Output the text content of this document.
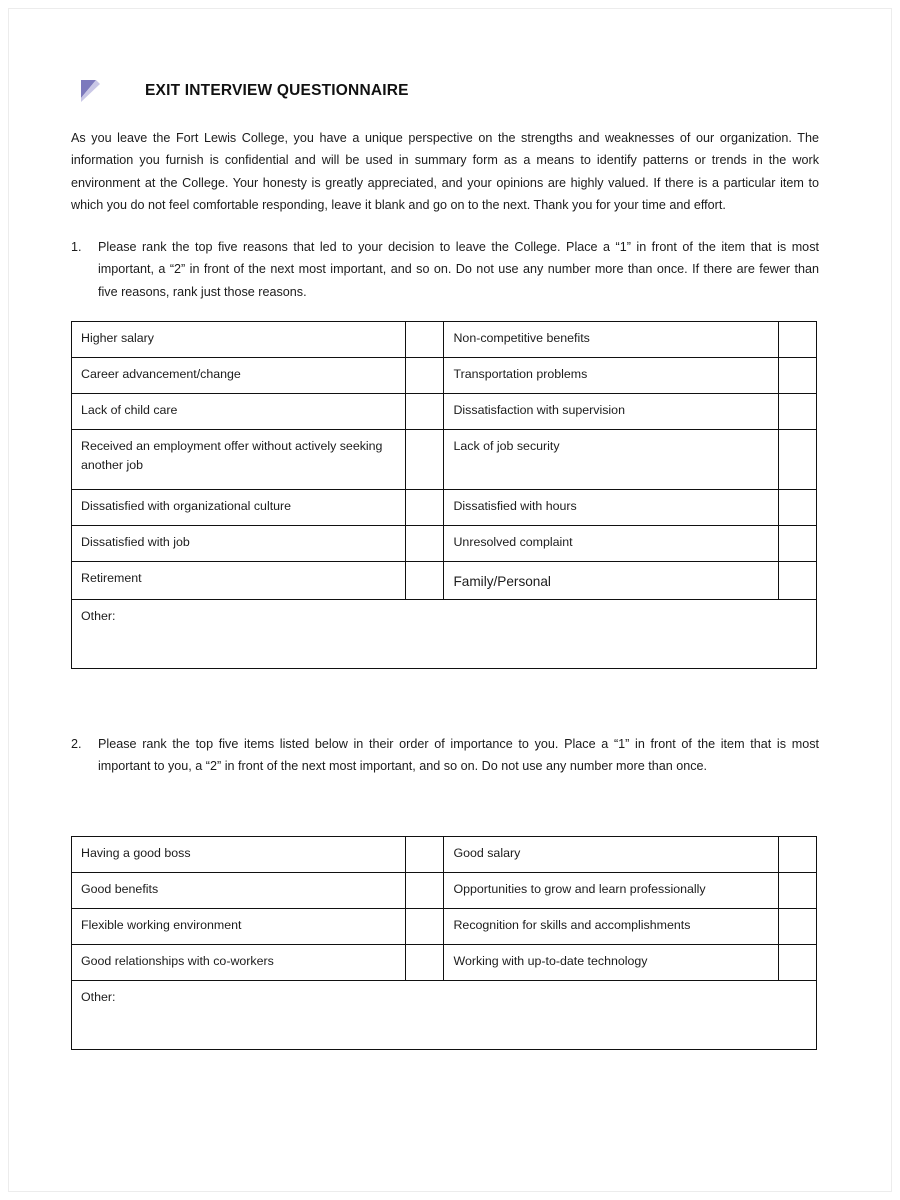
EXIT INTERVIEW QUESTIONNAIRE

As you leave the Fort Lewis College, you have a unique perspective on the strengths and weaknesses of our organization. The information you furnish is confidential and will be used in summary form as a means to identify patterns or trends in the work environment at the College. Your honesty is greatly appreciated, and your opinions are highly valued. If there is a particular item to which you do not feel comfortable responding, leave it blank and go on to the next. Thank you for your time and effort.

1.	Please rank the top five reasons that led to your decision to leave the College. Place a “1” in front of the item that is most important, a “2” in front of the next most important, and so on. Do not use any number more than once. If there are fewer than five reasons, rank just those reasons.
Higher salary		Non-competitive benefits	
Career advancement/change		Transportation problems	
Lack of child care		Dissatisfaction with supervision	
Received an employment offer without actively seeking another job		Lack of job security	
Dissatisfied with organizational culture		Dissatisfied with hours	
Dissatisfied with job		Unresolved complaint	
Retirement		Family/Personal	
Other:			
2.	Please rank the top five items listed below in their order of importance to you. Place a “1” in front of the item that is most important to you, a “2” in front of the next most important, and so on. Do not use any number more than once.
Having a good boss		Good salary	
Good benefits		Opportunities to grow and learn professionally	
Flexible working environment		Recognition for skills and accomplishments	
Good relationships with co-workers		Working with up-to-date technology	
Other:			
